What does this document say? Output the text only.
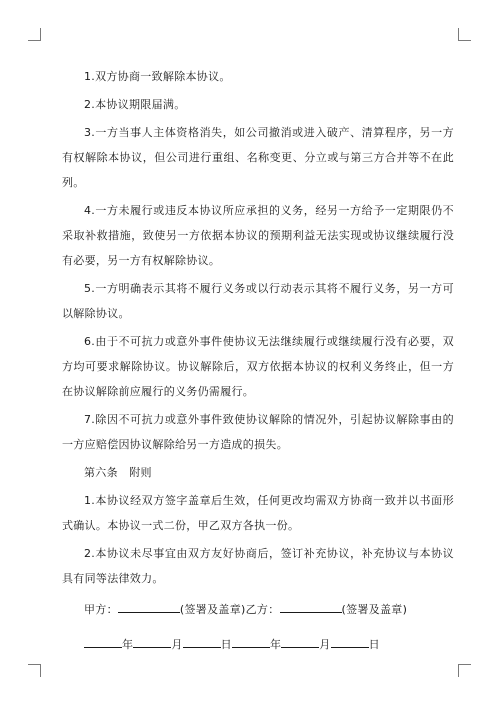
1.双方协商一致解除本协议。

2.本协议期限届满。

3.一方当事人主体资格消失，如公司撤消或进入破产、清算程序，另一方有权解除本协议，但公司进行重组、名称变更、分立或与第三方合并等不在此列。

4.一方未履行或违反本协议所应承担的义务，经另一方给予一定期限仍不采取补救措施，致使另一方依据本协议的预期利益无法实现或协议继续履行没有必要，另一方有权解除协议。

5.一方明确表示其将不履行义务或以行动表示其将不履行义务，另一方可以解除协议。

6.由于不可抗力或意外事件使协议无法继续履行或继续履行没有必要，双方均可要求解除协议。协议解除后，双方依据本协议的权利义务终止，但一方在协议解除前应履行的义务仍需履行。

7.除因不可抗力或意外事件致使协议解除的情况外，引起协议解除事由的一方应赔偿因协议解除给另一方造成的损失。

第六条　附则

1.本协议经双方签字盖章后生效，任何更改均需双方协商一致并以书面形式确认。本协议一式二份，甲乙双方各执一份。

2.本协议未尽事宜由双方友好协商后，签订补充协议，补充协议与本协议具有同等法律效力。

甲方：	(签署及盖章)乙方：	(签署及盖章)

年	月	日	年	月	日
